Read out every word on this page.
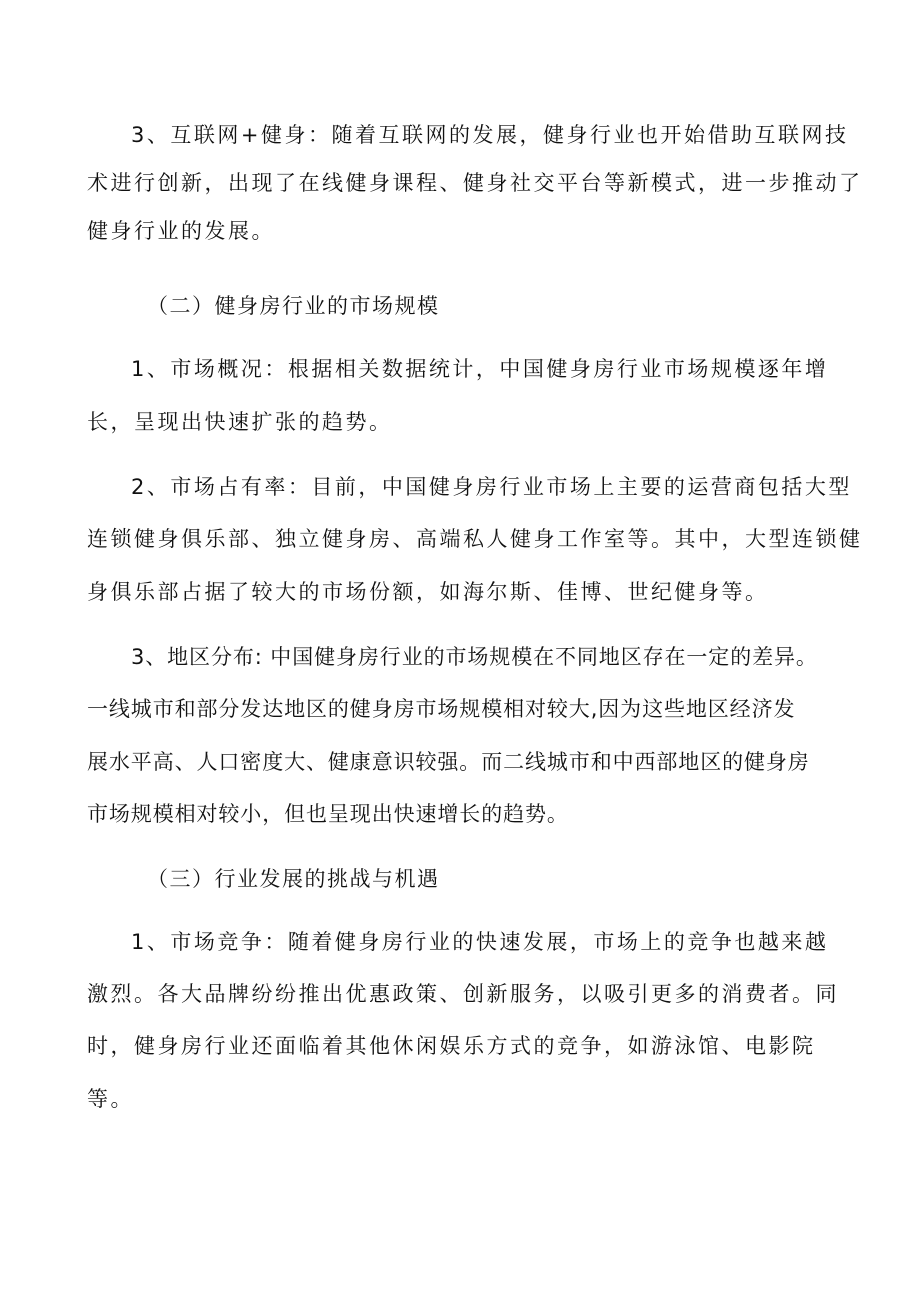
3、互联网+健身：随着互联网的发展，健身行业也开始借助互联网技
术进行创新，出现了在线健身课程、健身社交平台等新模式，进一步推动了
健身行业的发展。
（二）健身房行业的市场规模
1、市场概况：根据相关数据统计，中国健身房行业市场规模逐年增
长，呈现出快速扩张的趋势。
2、市场占有率：目前，中国健身房行业市场上主要的运营商包括大型
连锁健身俱乐部、独立健身房、高端私人健身工作室等。其中，大型连锁健
身俱乐部占据了较大的市场份额，如海尔斯、佳博、世纪健身等。
3、地区分布: 中国健身房行业的市场规模在不同地区存在一定的差异。
一线城市和部分发达地区的健身房市场规模相对较大,因为这些地区经济发
展水平高、人口密度大、健康意识较强。而二线城市和中西部地区的健身房
市场规模相对较小，但也呈现出快速增长的趋势。
（三）行业发展的挑战与机遇
1、市场竞争：随着健身房行业的快速发展，市场上的竞争也越来越
激烈。各大品牌纷纷推出优惠政策、创新服务，以吸引更多的消费者。同
时，健身房行业还面临着其他休闲娱乐方式的竞争，如游泳馆、电影院
等。
